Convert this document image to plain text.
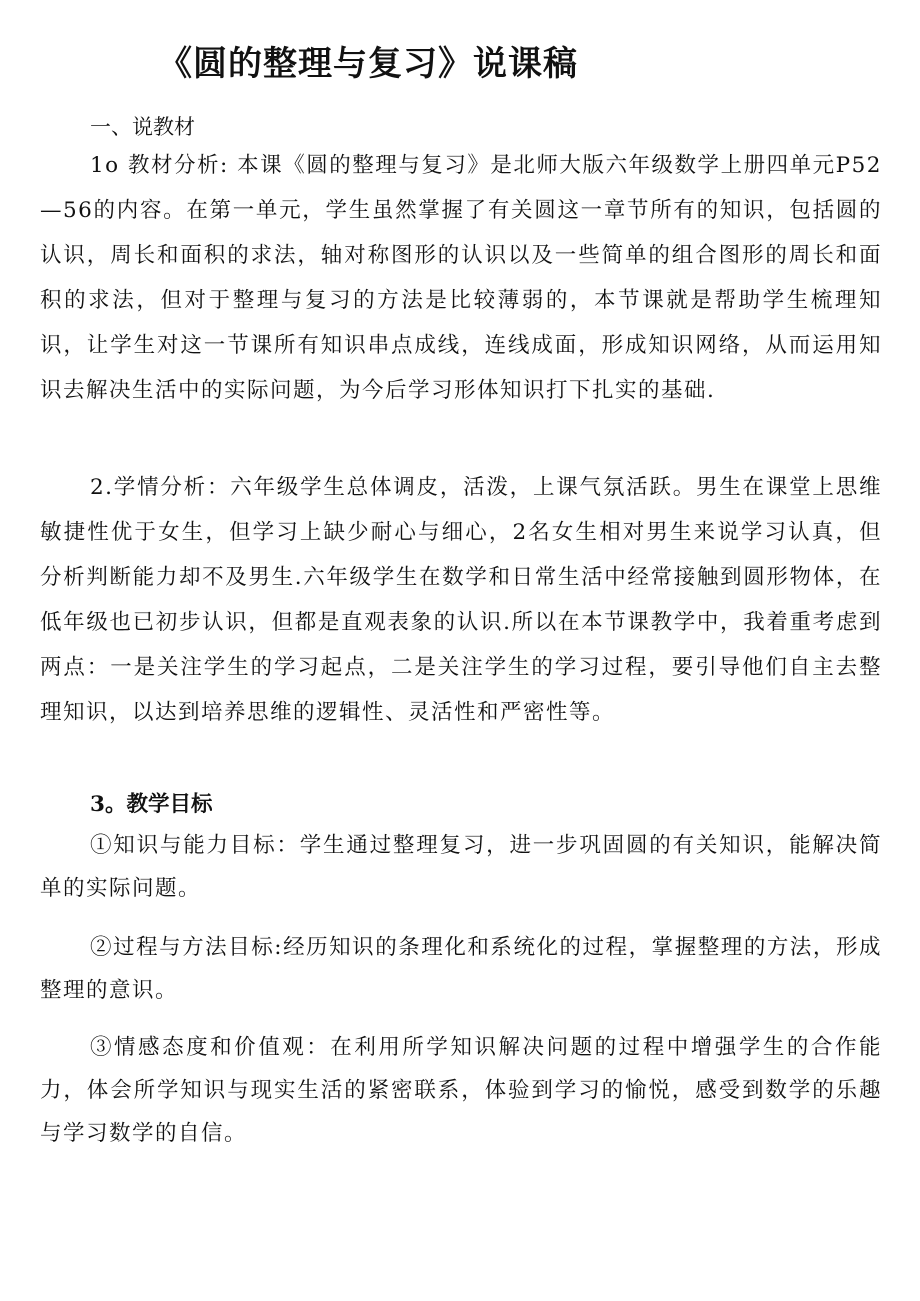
《圆的整理与复习》说课稿
一、说教材

1o 教材分析: 本课《圆的整理与复习》是北师大版六年级数学上册四单元P52—56的内容。在第一单元，学生虽然掌握了有关圆这一章节所有的知识，包括圆的认识，周长和面积的求法，轴对称图形的认识以及一些简单的组合图形的周长和面积的求法，但对于整理与复习的方法是比较薄弱的，本节课就是帮助学生梳理知识，让学生对这一节课所有知识串点成线，连线成面，形成知识网络，从而运用知识去解决生活中的实际问题，为今后学习形体知识打下扎实的基础.

2.学情分析：六年级学生总体调皮，活泼，上课气氛活跃。男生在课堂上思维敏捷性优于女生，但学习上缺少耐心与细心，2名女生相对男生来说学习认真，但分析判断能力却不及男生.六年级学生在数学和日常生活中经常接触到圆形物体，在低年级也已初步认识，但都是直观表象的认识.所以在本节课教学中，我着重考虑到两点：一是关注学生的学习起点，二是关注学生的学习过程，要引导他们自主去整理知识，以达到培养思维的逻辑性、灵活性和严密性等。

3。教学目标

①知识与能力目标：学生通过整理复习，进一步巩固圆的有关知识，能解决简单的实际问题。

②过程与方法目标:经历知识的条理化和系统化的过程，掌握整理的方法，形成整理的意识。

③情感态度和价值观：在利用所学知识解决问题的过程中增强学生的合作能力，体会所学知识与现实生活的紧密联系，体验到学习的愉悦，感受到数学的乐趣与学习数学的自信。
